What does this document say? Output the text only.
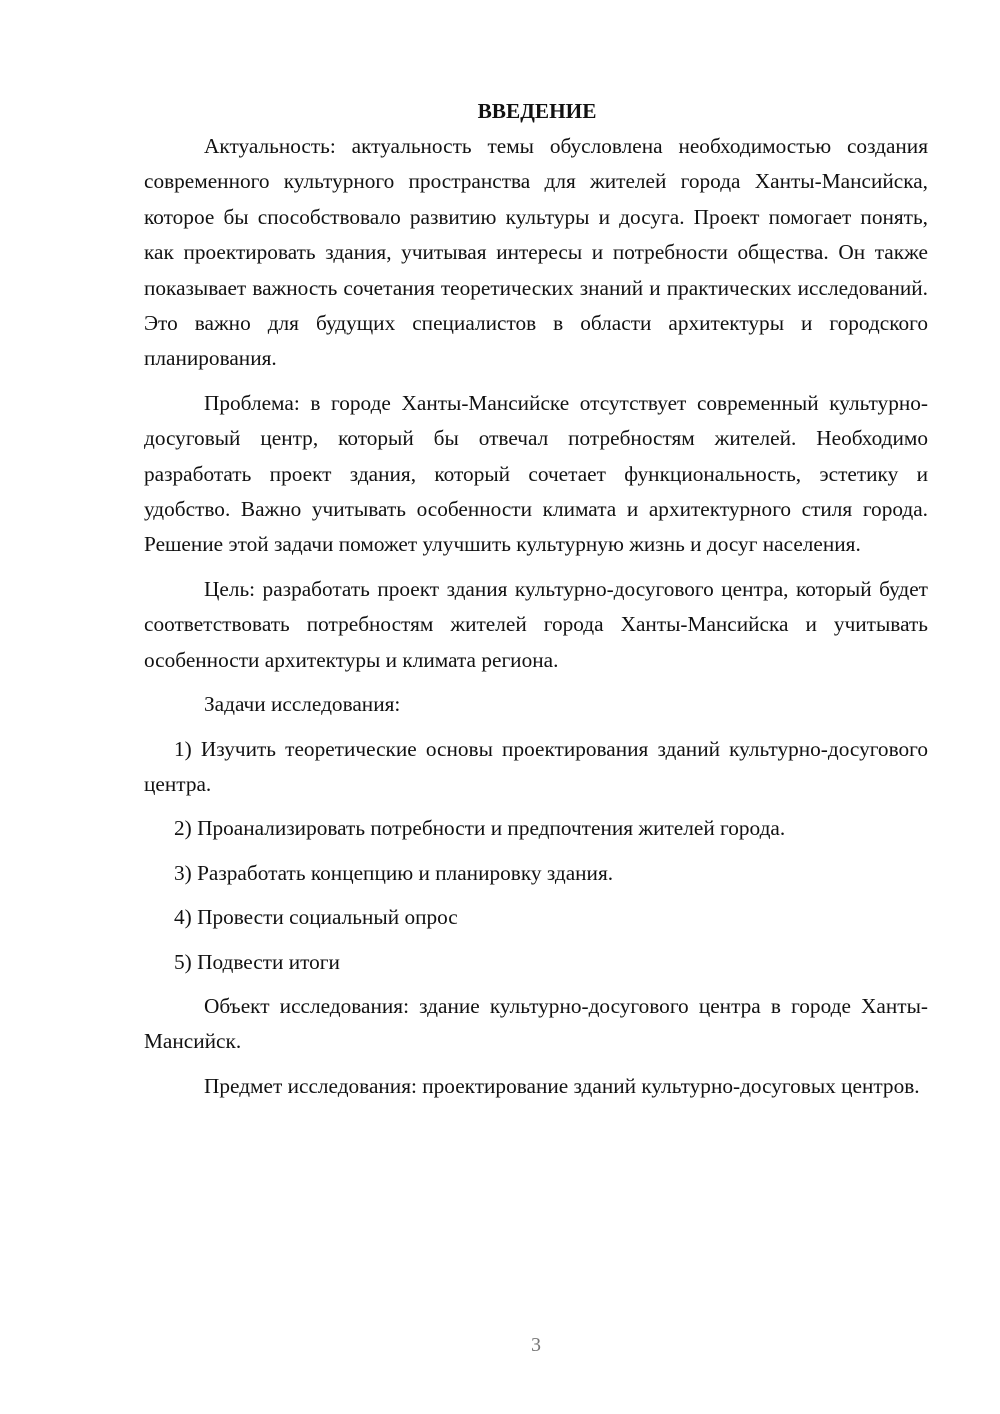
ВВЕДЕНИЕ

Актуальность: актуальность темы обусловлена необходимостью создания современного культурного пространства для жителей города Ханты-Мансийска, которое бы способствовало развитию культуры и досуга. Проект помогает понять, как проектировать здания, учитывая интересы и потребности общества. Он также показывает важность сочетания теоретических знаний и практических исследований. Это важно для будущих специалистов в области архитектуры и городского планирования.

Проблема: в городе Ханты-Мансийске отсутствует современный культурно-досуговый центр, который бы отвечал потребностям жителей. Необходимо разработать проект здания, который сочетает функциональность, эстетику и удобство. Важно учитывать особенности климата и архитектурного стиля города. Решение этой задачи поможет улучшить культурную жизнь и досуг населения.

Цель: разработать проект здания культурно-досугового центра, который будет соответствовать потребностям жителей города Ханты-Мансийска и учитывать особенности архитектуры и климата региона.

Задачи исследования:

1) Изучить теоретические основы проектирования зданий культурно-досугового центра.

2) Проанализировать потребности и предпочтения жителей города.

3) Разработать концепцию и планировку здания.

4) Провести социальный опрос

5) Подвести итоги

Объект исследования: здание культурно-досугового центра в городе Ханты-Мансийск.

Предмет исследования: проектирование зданий культурно-досуговых центров.

3
